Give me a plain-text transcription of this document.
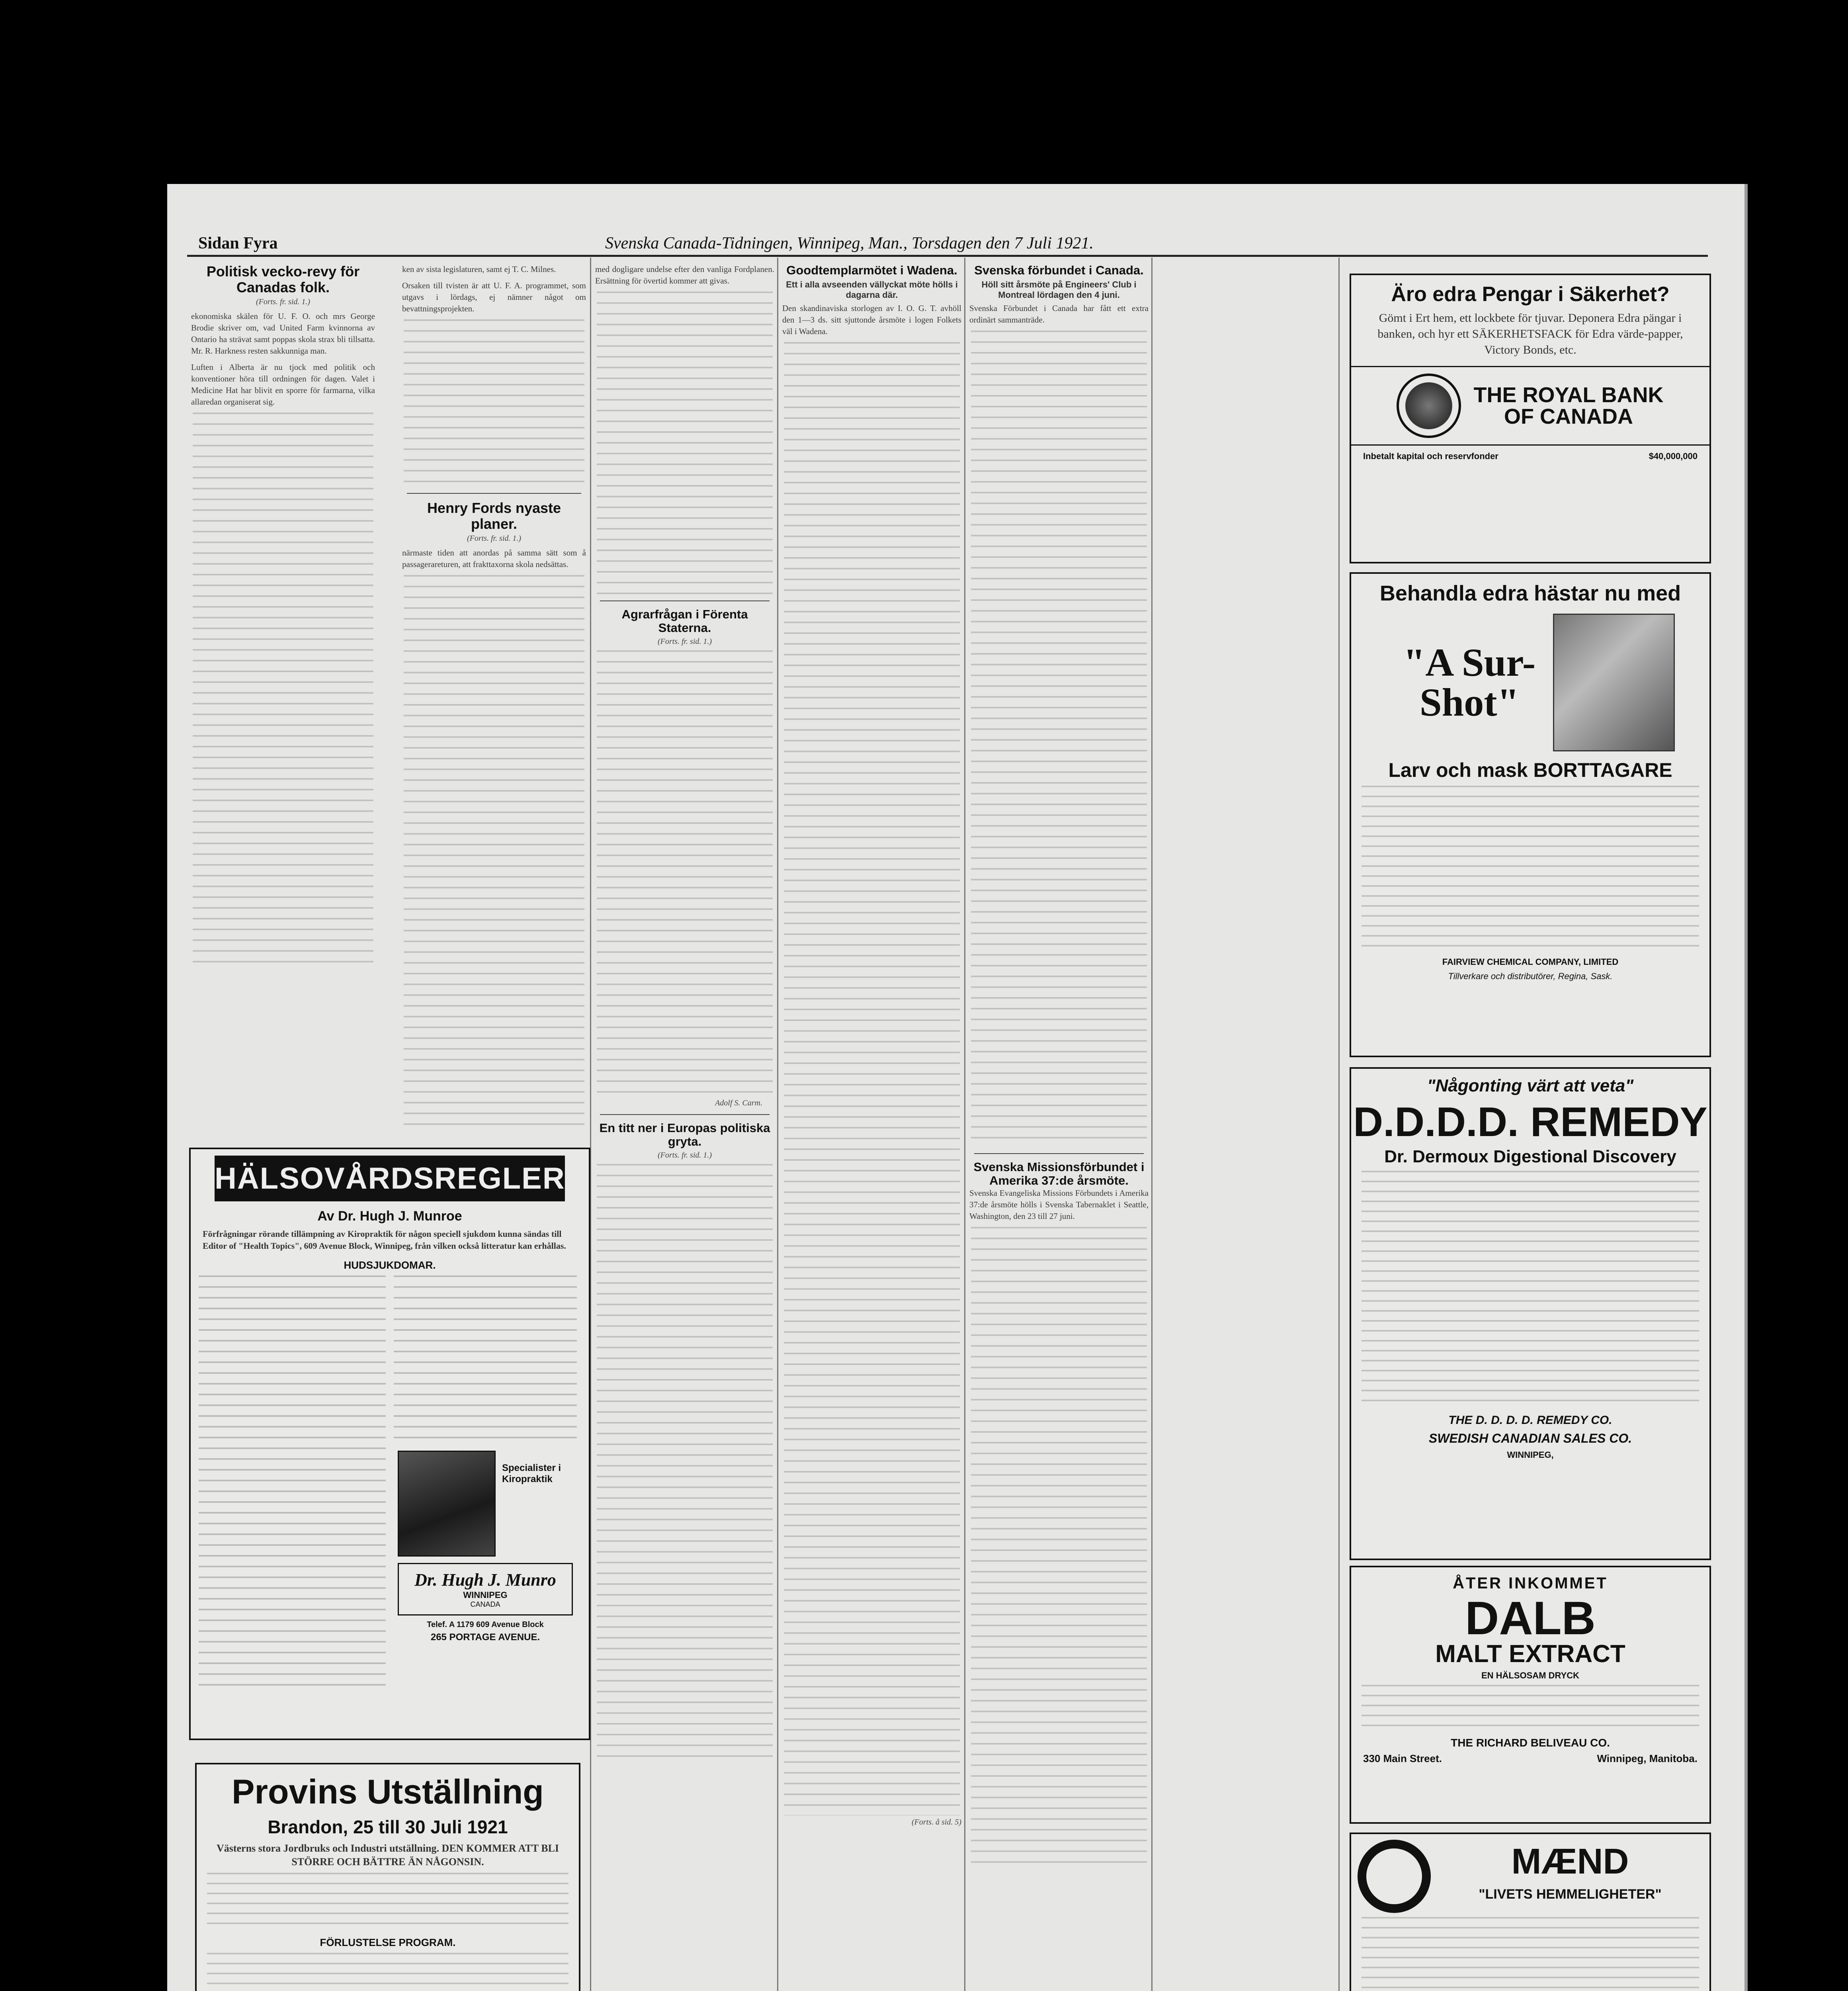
Sidan Fyra	Svenska Canada-Tidningen, Winnipeg, Man., Torsdagen den 7 Juli 1921.
Politisk vecko-revy för Canadas folk.
(Forts. fr. sid. 1.)
ekonomiska skälen för U. F. O. och mrs George Brodie skriver om, vad United Farm kvinnorna av Ontario ha strävat samt poppas skola strax bli tillsatta. Mr. R. Harkness resten sakkunniga man.
Luften i Alberta är nu tjock med politik och konventioner höra till ordningen för dagen. Valet i Medicine Hat har blivit en sporre för farmarna, vilka allaredan organiserat sig.
ken av sista legislaturen, samt ej T. C. Milnes.
Orsaken till tvisten är att U. F. A. programmet, som utgavs i lördags, ej nämner något om bevattningsprojekten.
Henry Fords nyaste planer.
(Forts. fr. sid. 1.)
närmaste tiden att anordas på samma sätt som å passagerareturen, att frakttaxorna skola nedsättas.
med dogligare undelse efter den vanliga Fordplanen. Ersättning för övertid kommer att givas.
Agrarfrågan i Förenta Staterna.
(Forts. fr. sid. 1.)
Adolf S. Carm.
En titt ner i Europas politiska gryta.
(Forts. fr. sid. 1.)
Goodtemplarmötet i Wadena.
Ett i alla avseenden vällyckat möte hölls i dagarna där.
Den skandinaviska storlogen av I. O. G. T. avhöll den 1—3 ds. sitt sjuttonde årsmöte i logen Folkets väl i Wadena.
(Forts. å sid. 5)
Svenska förbundet i Canada.
Höll sitt årsmöte på Engineers' Club i Montreal lördagen den 4 juni.
Svenska Förbundet i Canada har fått ett extra ordinärt sammanträde.
Svenska Missionsförbundet i Amerika 37:de årsmöte.
Svenska Evangeliska Missions Förbundets i Amerika 37:de årsmöte hölls i Svenska Tabernaklet i Seattle, Washington, den 23 till 27 juni.
Äro edra Pengar i Säkerhet?
Gömt i Ert hem, ett lockbete för tjuvar. Deponera Edra pängar i banken, och hyr ett SÄKERHETSFACK för Edra värde-papper, Victory Bonds, etc.
THE ROYAL BANK OF CANADA
Inbetalt kapital och reservfonder	$40,000,000
Behandla edra hästar nu med
"A Sur-Shot"
Larv och mask BORTTAGARE
FAIRVIEW CHEMICAL COMPANY, LIMITED
Tillverkare och distributörer, Regina, Sask.
"Någonting värt att veta"
D.D.D.D. REMEDY
Dr. Dermoux Digestional Discovery
THE D. D. D. D. REMEDY CO.
SWEDISH CANADIAN SALES CO.
WINNIPEG,
ÅTER INKOMMET
DALB
MALT EXTRACT
EN HÄLSOSAM DRYCK
THE RICHARD BELIVEAU CO.
330 Main Street.	Winnipeg, Manitoba.
MÆND
"LIVETS HEMMELIGHETER"
HÄLSOVÅRDSREGLER
Av Dr. Hugh J. Munroe
Förfrågningar rörande tillämpning av Kiropraktik för någon speciell sjukdom kunna sändas till Editor of "Health Topics", 609 Avenue Block, Winnipeg, från vilken också litteratur kan erhållas.
HUDSJUKDOMAR.
Specialister i
Kiropraktik
Dr. Hugh J. Munro
WINNIPEG
CANADA
Telef. A 1179 609 Avenue Block
265 PORTAGE AVENUE.
Provins Utställning
Brandon, 25 till 30 Juli 1921
Västerns stora Jordbruks och Industri utställning. DEN KOMMER ATT BLI STÖRRE OCH BÄTTRE ÄN NÅGONSIN.
FÖRLUSTELSE PROGRAM.
